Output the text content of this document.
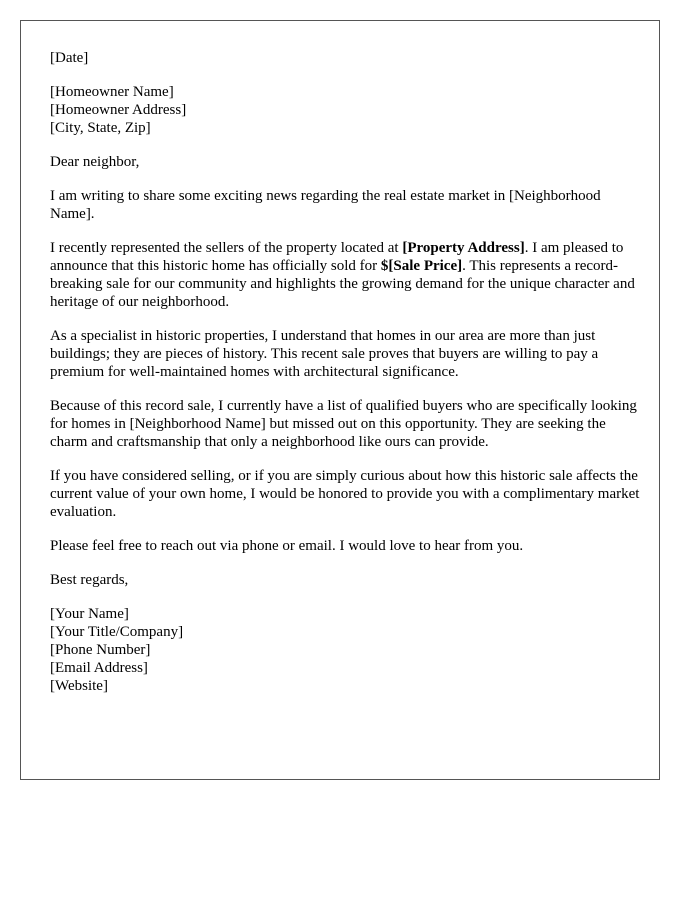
[Date]

[Homeowner Name]
[Homeowner Address]
[City, State, Zip]

Dear neighbor,

I am writing to share some exciting news regarding the real estate market in [Neighborhood Name].

I recently represented the sellers of the property located at [Property Address]. I am pleased to announce that this historic home has officially sold for $[Sale Price]. This represents a record-breaking sale for our community and highlights the growing demand for the unique character and heritage of our neighborhood.

As a specialist in historic properties, I understand that homes in our area are more than just buildings; they are pieces of history. This recent sale proves that buyers are willing to pay a premium for well-maintained homes with architectural significance.

Because of this record sale, I currently have a list of qualified buyers who are specifically looking for homes in [Neighborhood Name] but missed out on this opportunity. They are seeking the charm and craftsmanship that only a neighborhood like ours can provide.

If you have considered selling, or if you are simply curious about how this historic sale affects the current value of your own home, I would be honored to provide you with a complimentary market evaluation.

Please feel free to reach out via phone or email. I would love to hear from you.

Best regards,

[Your Name]
[Your Title/Company]
[Phone Number]
[Email Address]
[Website]
